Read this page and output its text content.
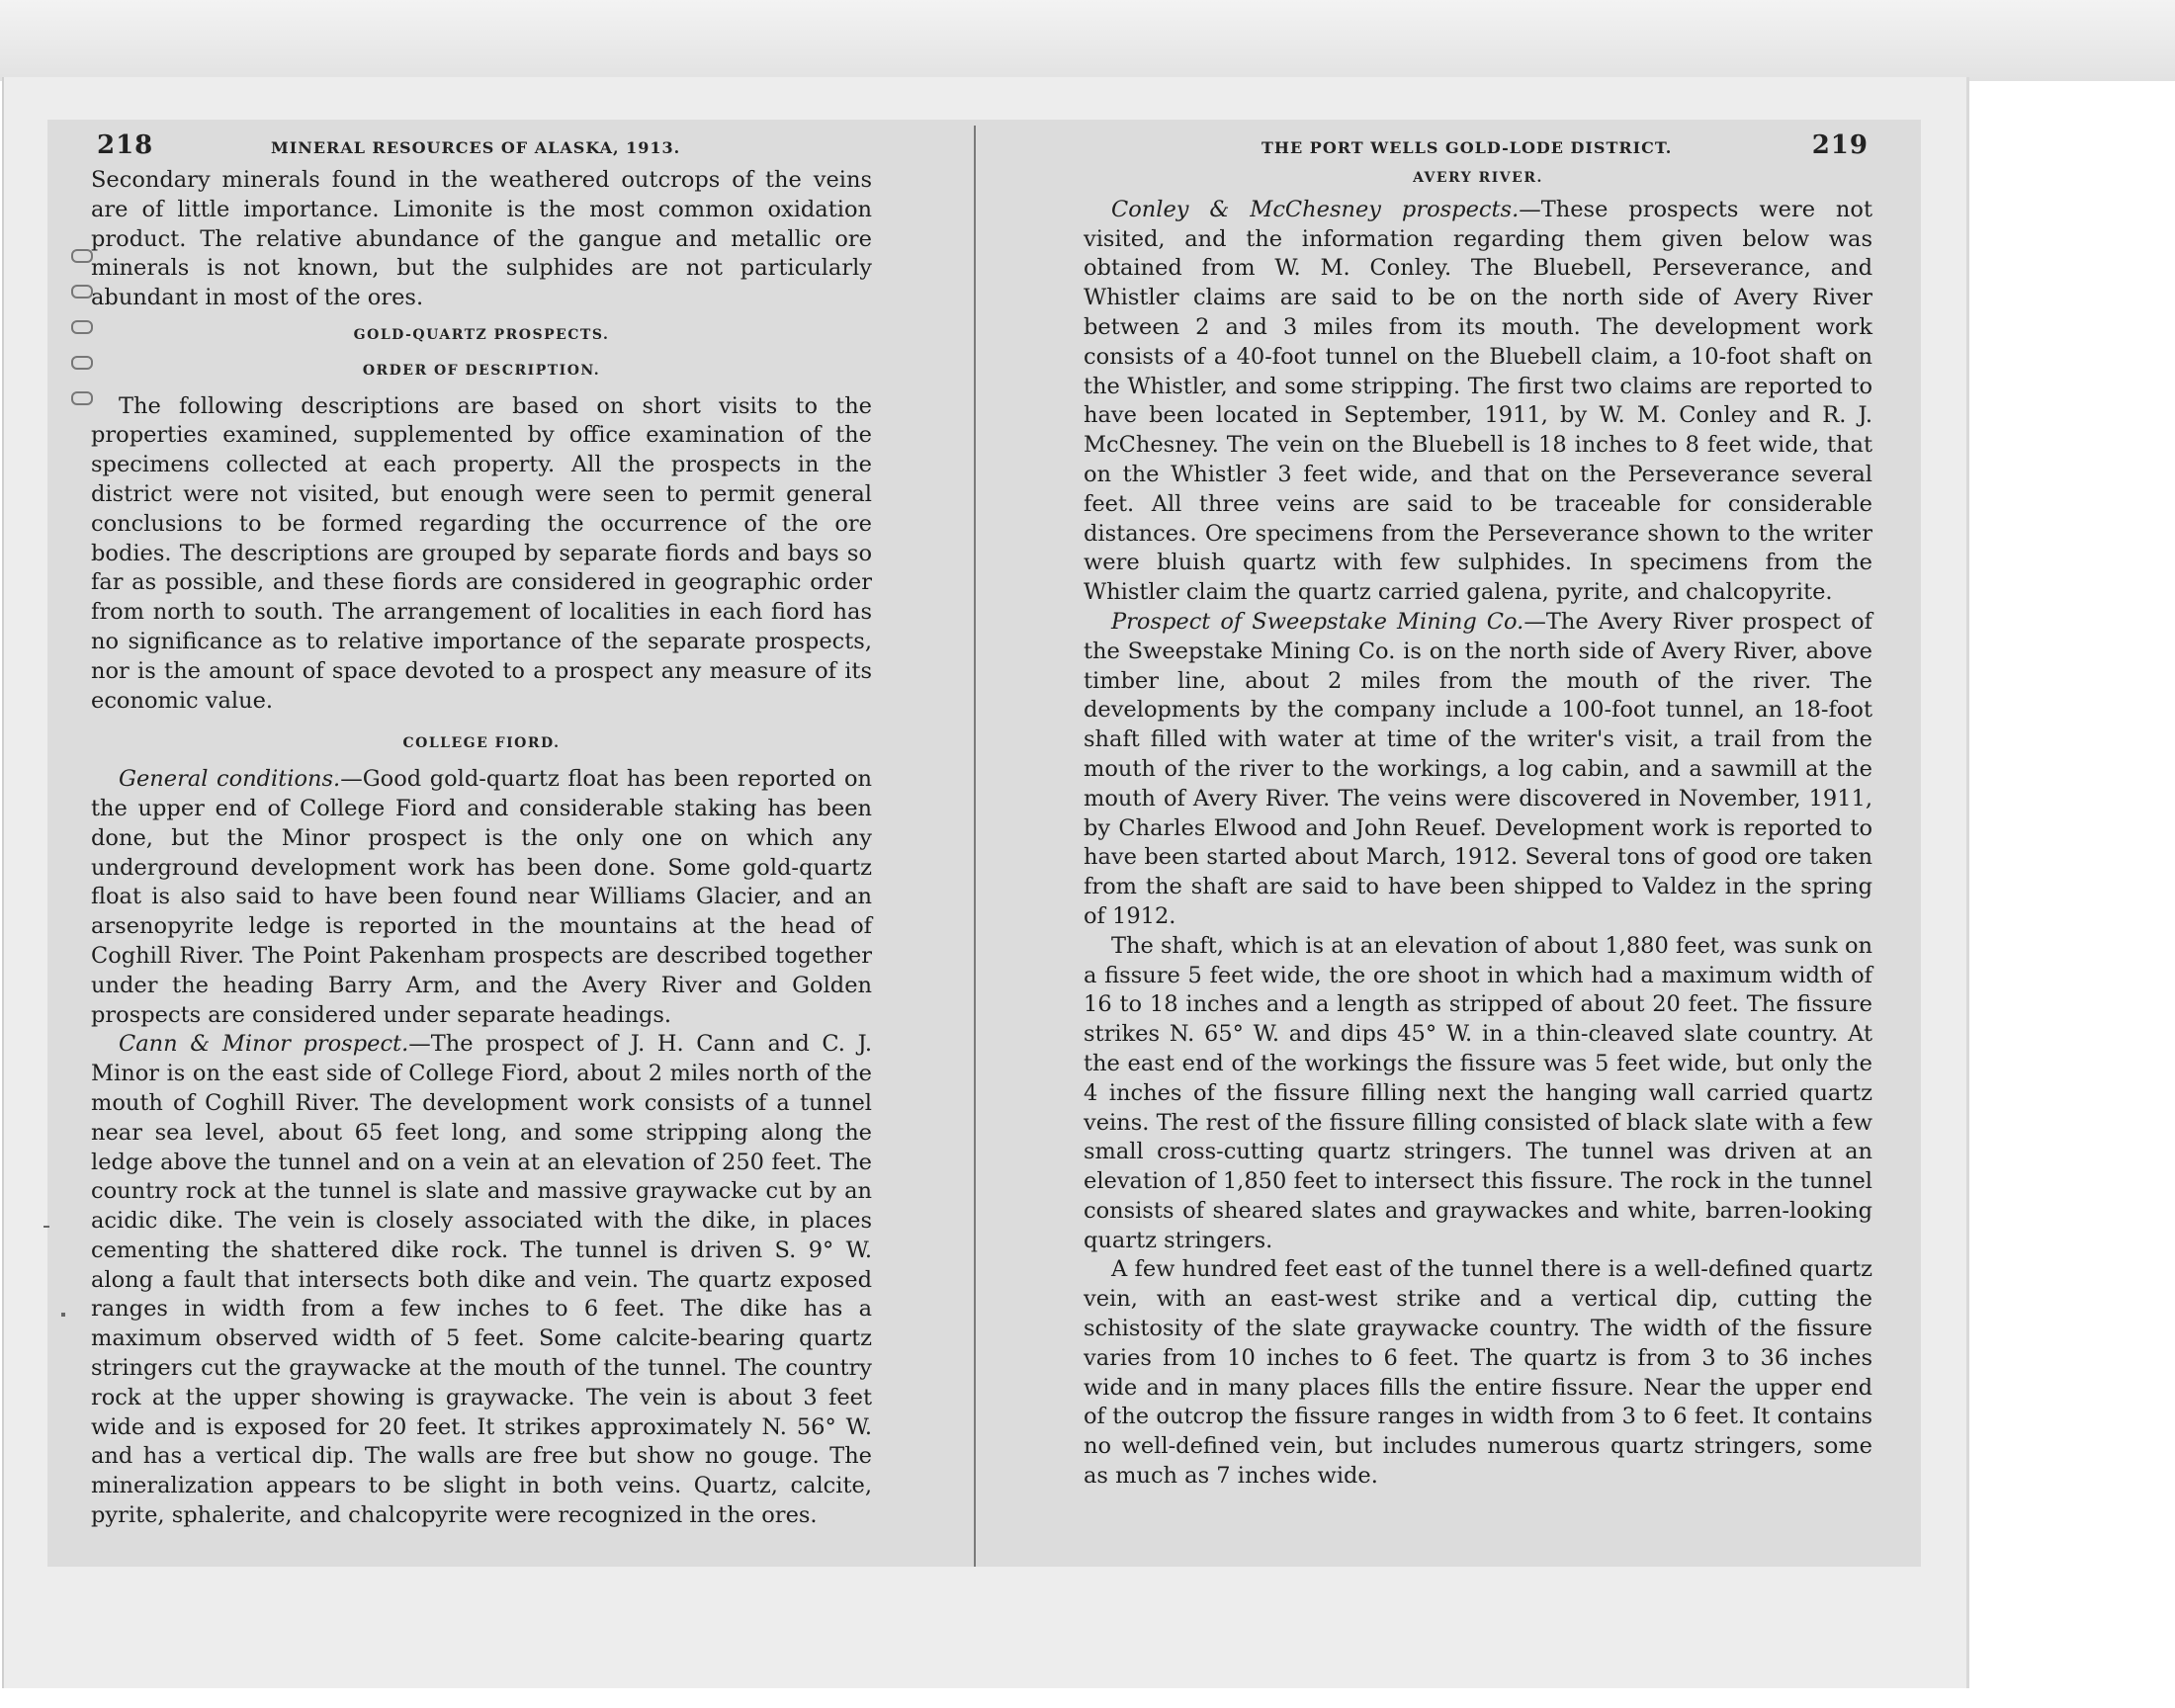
218	MINERAL RESOURCES OF ALASKA, 1913.

Secondary minerals found in the weathered outcrops of the veins are of little importance. Limonite is the most common oxidation product. The relative abundance of the gangue and metallic ore minerals is not known, but the sulphides are not particularly abundant in most of the ores.

GOLD-QUARTZ PROSPECTS.
ORDER OF DESCRIPTION.

The following descriptions are based on short visits to the properties examined, supplemented by office examination of the specimens collected at each property. All the prospects in the district were not visited, but enough were seen to permit general conclusions to be formed regarding the occurrence of the ore bodies. The descriptions are grouped by separate fiords and bays so far as possible, and these fiords are considered in geographic order from north to south. The arrangement of localities in each fiord has no significance as to relative importance of the separate prospects, nor is the amount of space devoted to a prospect any measure of its economic value.

COLLEGE FIORD.

General conditions.—Good gold-quartz float has been reported on the upper end of College Fiord and considerable staking has been done, but the Minor prospect is the only one on which any underground development work has been done. Some gold-quartz float is also said to have been found near Williams Glacier, and an arsenopyrite ledge is reported in the mountains at the head of Coghill River. The Point Pakenham prospects are described together under the heading Barry Arm, and the Avery River and Golden prospects are considered under separate headings.

Cann & Minor prospect.—The prospect of J. H. Cann and C. J. Minor is on the east side of College Fiord, about 2 miles north of the mouth of Coghill River. The development work consists of a tunnel near sea level, about 65 feet long, and some stripping along the ledge above the tunnel and on a vein at an elevation of 250 feet. The country rock at the tunnel is slate and massive graywacke cut by an acidic dike. The vein is closely associated with the dike, in places cementing the shattered dike rock. The tunnel is driven S. 9° W. along a fault that intersects both dike and vein. The quartz exposed ranges in width from a few inches to 6 feet. The dike has a maximum observed width of 5 feet. Some calcite-bearing quartz stringers cut the graywacke at the mouth of the tunnel. The country rock at the upper showing is graywacke. The vein is about 3 feet wide and is exposed for 20 feet. It strikes approximately N. 56° W. and has a vertical dip. The walls are free but show no gouge. The mineralization appears to be slight in both veins. Quartz, calcite, pyrite, sphalerite, and chalcopyrite were recognized in the ores.

THE PORT WELLS GOLD-LODE DISTRICT.	219
AVERY RIVER.

Conley & McChesney prospects.—These prospects were not visited, and the information regarding them given below was obtained from W. M. Conley. The Bluebell, Perseverance, and Whistler claims are said to be on the north side of Avery River between 2 and 3 miles from its mouth. The development work consists of a 40-foot tunnel on the Bluebell claim, a 10-foot shaft on the Whistler, and some stripping. The first two claims are reported to have been located in September, 1911, by W. M. Conley and R. J. McChesney. The vein on the Bluebell is 18 inches to 8 feet wide, that on the Whistler 3 feet wide, and that on the Perseverance several feet. All three veins are said to be traceable for considerable distances. Ore specimens from the Perseverance shown to the writer were bluish quartz with few sulphides. In specimens from the Whistler claim the quartz carried galena, pyrite, and chalcopyrite.

Prospect of Sweepstake Mining Co.—The Avery River prospect of the Sweepstake Mining Co. is on the north side of Avery River, above timber line, about 2 miles from the mouth of the river. The developments by the company include a 100-foot tunnel, an 18-foot shaft filled with water at time of the writer's visit, a trail from the mouth of the river to the workings, a log cabin, and a sawmill at the mouth of Avery River. The veins were discovered in November, 1911, by Charles Elwood and John Reuef. Development work is reported to have been started about March, 1912. Several tons of good ore taken from the shaft are said to have been shipped to Valdez in the spring of 1912.

The shaft, which is at an elevation of about 1,880 feet, was sunk on a fissure 5 feet wide, the ore shoot in which had a maximum width of 16 to 18 inches and a length as stripped of about 20 feet. The fissure strikes N. 65° W. and dips 45° W. in a thin-cleaved slate country. At the east end of the workings the fissure was 5 feet wide, but only the 4 inches of the fissure filling next the hanging wall carried quartz veins. The rest of the fissure filling consisted of black slate with a few small cross-cutting quartz stringers. The tunnel was driven at an elevation of 1,850 feet to intersect this fissure. The rock in the tunnel consists of sheared slates and graywackes and white, barren-looking quartz stringers.

A few hundred feet east of the tunnel there is a well-defined quartz vein, with an east-west strike and a vertical dip, cutting the schistosity of the slate graywacke country. The width of the fissure varies from 10 inches to 6 feet. The quartz is from 3 to 36 inches wide and in many places fills the entire fissure. Near the upper end of the outcrop the fissure ranges in width from 3 to 6 feet. It contains no well-defined vein, but includes numerous quartz stringers, some as much as 7 inches wide.
